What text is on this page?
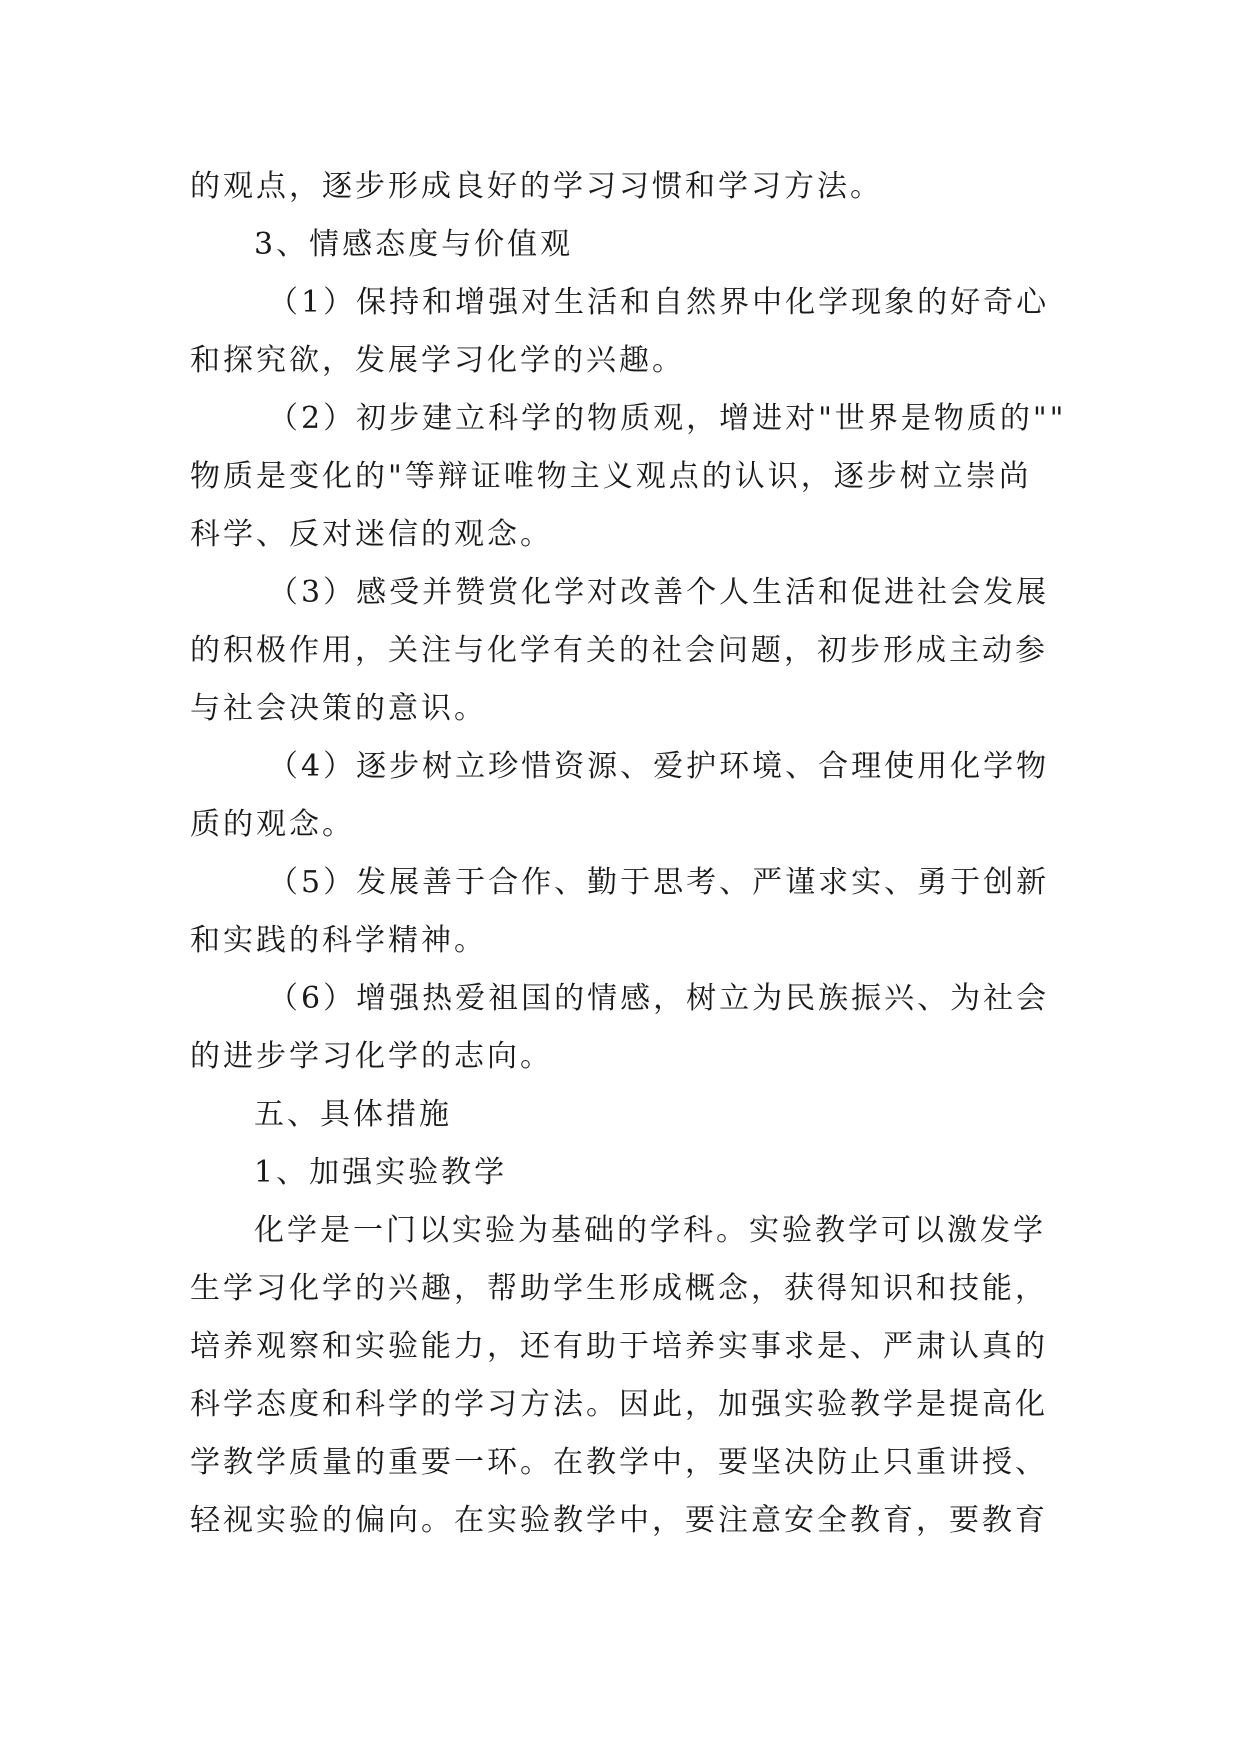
的观点，逐步形成良好的学习习惯和学习方法。
3、情感态度与价值观
（1）保持和增强对生活和自然界中化学现象的好奇心
和探究欲，发展学习化学的兴趣。
（2）初步建立科学的物质观，增进对"世界是物质的""
物质是变化的"等辩证唯物主义观点的认识，逐步树立崇尚
科学、反对迷信的观念。
（3）感受并赞赏化学对改善个人生活和促进社会发展
的积极作用，关注与化学有关的社会问题，初步形成主动参
与社会决策的意识。
（4）逐步树立珍惜资源、爱护环境、合理使用化学物
质的观念。
（5）发展善于合作、勤于思考、严谨求实、勇于创新
和实践的科学精神。
（6）增强热爱祖国的情感，树立为民族振兴、为社会
的进步学习化学的志向。
五、具体措施
1、加强实验教学
化学是一门以实验为基础的学科。实验教学可以激发学
生学习化学的兴趣，帮助学生形成概念，获得知识和技能，
培养观察和实验能力，还有助于培养实事求是、严肃认真的
科学态度和科学的学习方法。因此，加强实验教学是提高化
学教学质量的重要一环。在教学中，要坚决防止只重讲授、
轻视实验的偏向。在实验教学中，要注意安全教育，要教育
